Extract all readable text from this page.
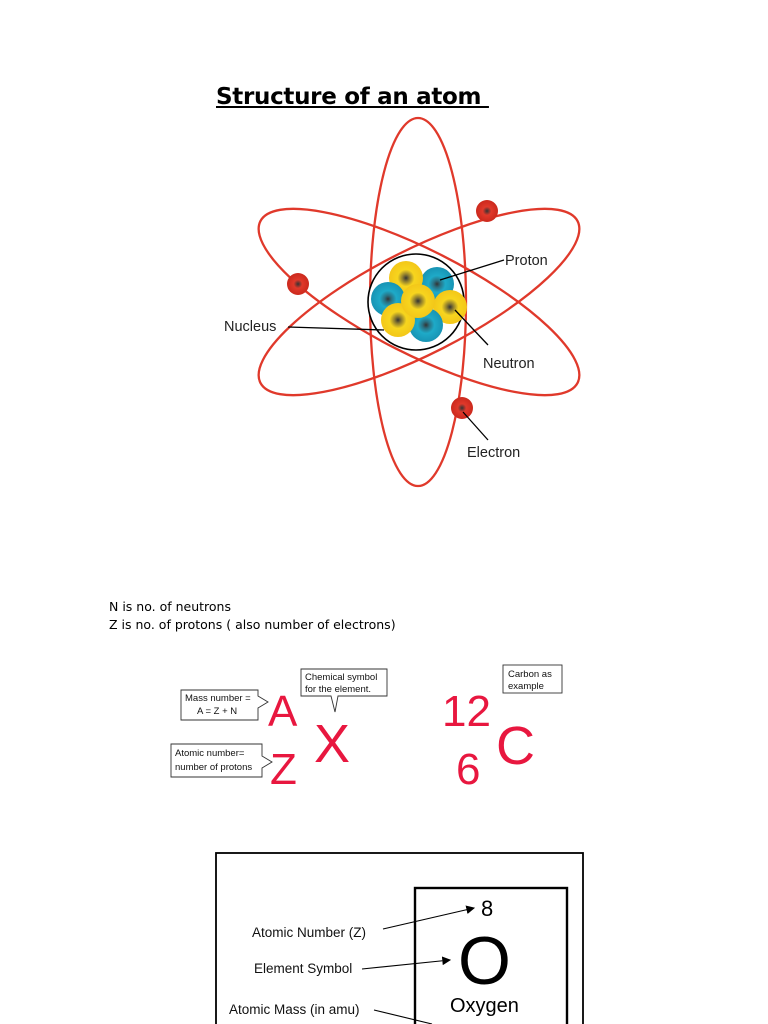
Structure of an atom
Proton
Nucleus
Neutron
Electron
Mass number =
A = Z + N
Atomic number=
number of protons
Chemical symbol
for the element.
Carbon as
example
A
Z X
12
6 C
Atomic Number (Z)
Element Symbol
Atomic Mass (in amu)
8
O
Oxygen
N is no. of neutrons
Z is no. of protons ( also number of electrons)
